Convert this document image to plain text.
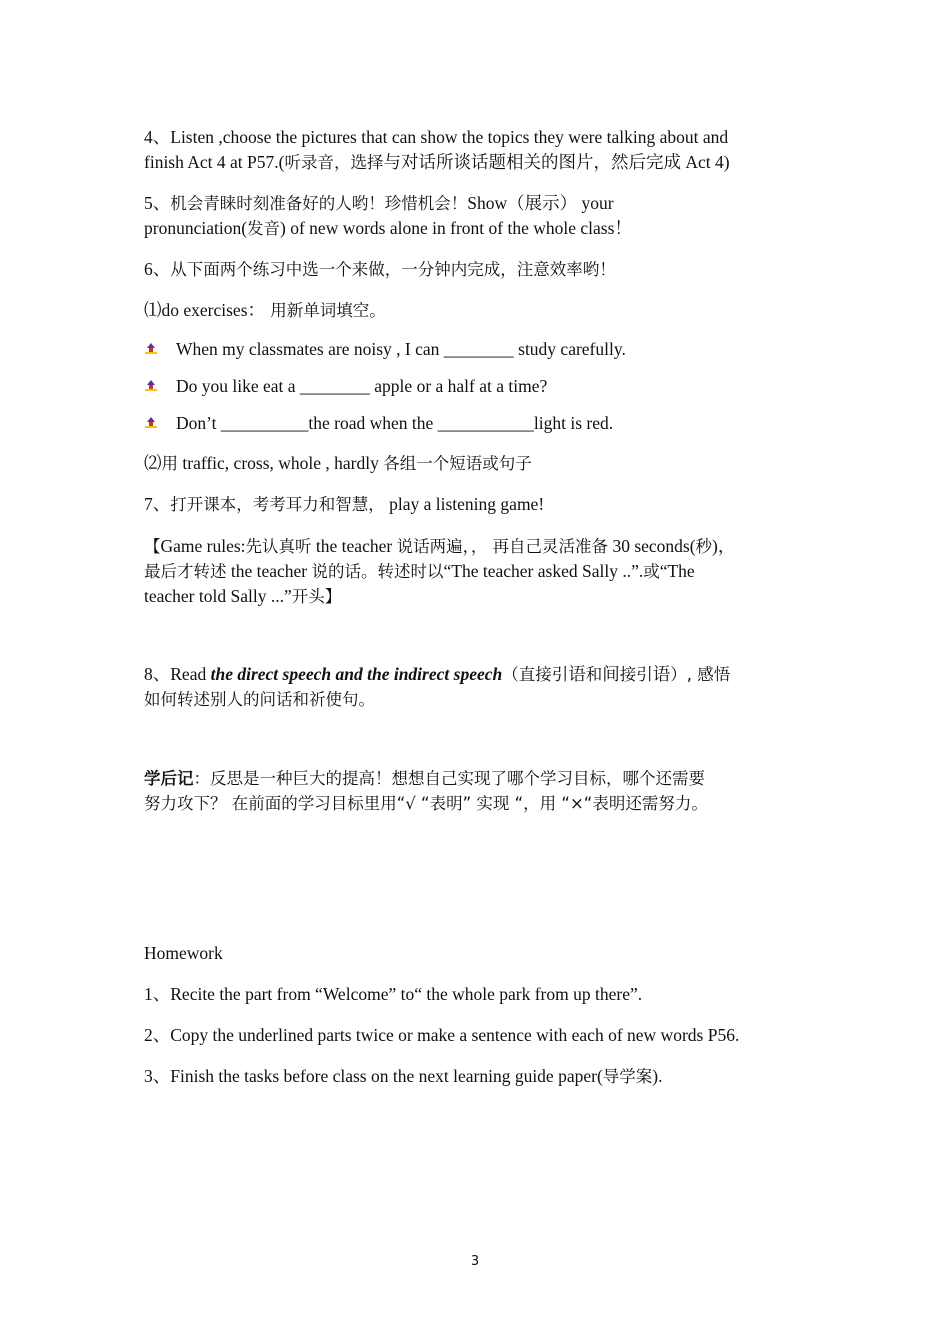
4、Listen ,choose the pictures that can show the topics they were talking about and
finish Act 4 at P57.(听录音，选择与对话所谈话题相关的图片，然后完成 Act 4)
5、机会青睐时刻准备好的人哟！珍惜机会！Show（展示） your
pronunciation(发音) of new words alone in front of the whole class！
6、从下面两个练习中选一个来做，一分钟内完成，注意效率哟！
⑴do exercises： 用新单词填空。
When my classmates are noisy , I can ________ study carefully.
Do you like eat a ________ apple or a half at a time?
Don’t __________the road when the ___________light is red.
⑵用 traffic, cross, whole , hardly 各组一个短语或句子
7、打开课本，考考耳力和智慧， play a listening game!
【Game rules:先认真听 the teacher 说话两遍，， 再自己灵活准备 30 seconds(秒)，
最后才转述 the teacher 说的话。转述时以“The teacher asked Sally ..”.或“The
teacher told Sally ...”开头】
8、Read the direct speech and the indirect speech（直接引语和间接引语）, 感悟
如何转述别人的问话和祈使句。
学后记：反思是一种巨大的提高！想想自己实现了哪个学习目标，哪个还需要
努力攻下？ 在前面的学习目标里用“√ “表明” 实现 “，用 “×“表明还需努力。
Homework
1、Recite the part from “Welcome” to“ the whole park from up there”.
2、Copy the underlined parts twice or make a sentence with each of new words P56.
3、Finish the tasks before class on the next learning guide paper(导学案).
3
